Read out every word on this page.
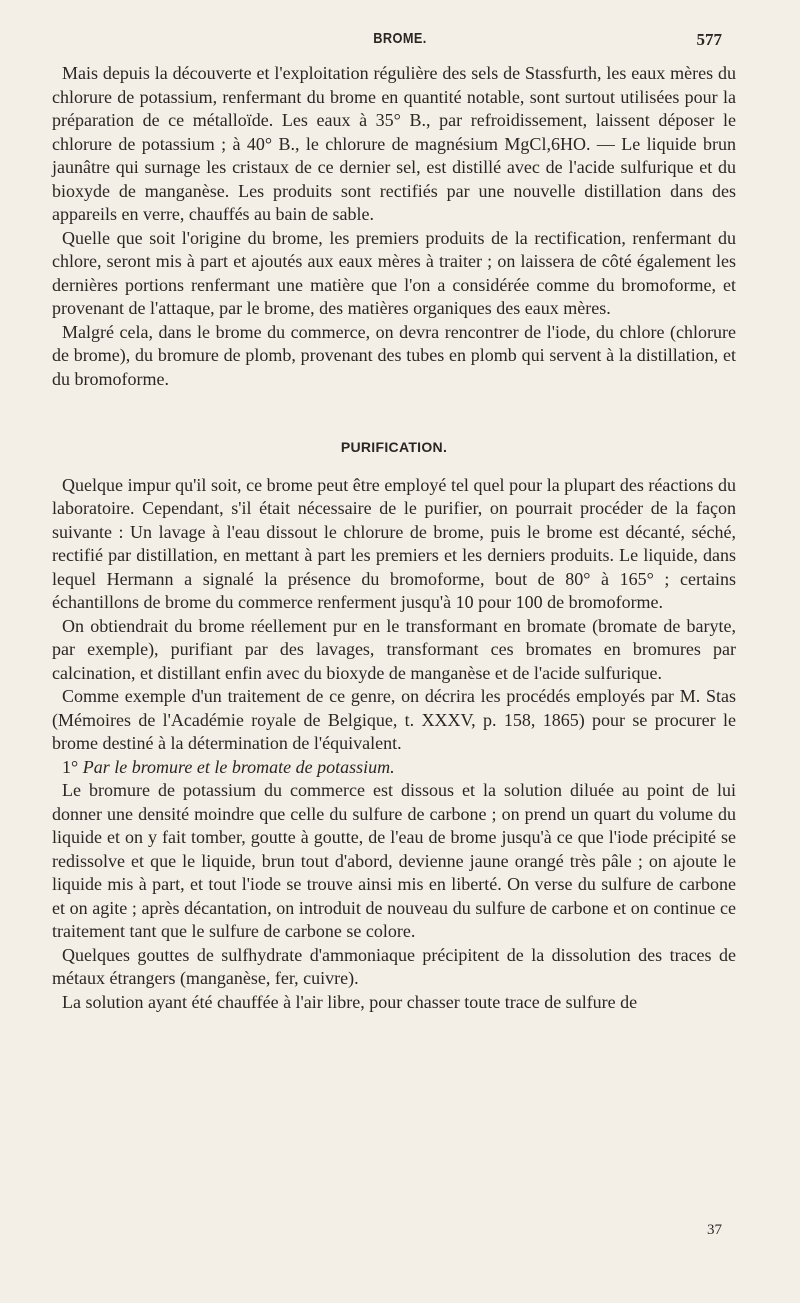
BROME.	577

Mais depuis la découverte et l'exploitation régulière des sels de Stassfurth, les eaux mères du chlorure de potassium, renfermant du brome en quantité notable, sont surtout utilisées pour la préparation de ce métalloïde. Les eaux à 35° B., par refroidissement, laissent déposer le chlorure de potassium ; à 40° B., le chlorure de magnésium MgCl,6HO. — Le liquide brun jaunâtre qui surnage les cristaux de ce dernier sel, est distillé avec de l'acide sulfurique et du bioxyde de manganèse. Les produits sont rectifiés par une nouvelle distillation dans des appareils en verre, chauffés au bain de sable.

Quelle que soit l'origine du brome, les premiers produits de la rectification, renfermant du chlore, seront mis à part et ajoutés aux eaux mères à traiter ; on laissera de côté également les dernières portions renfermant une matière que l'on a considérée comme du bromoforme, et provenant de l'attaque, par le brome, des matières organiques des eaux mères.

Malgré cela, dans le brome du commerce, on devra rencontrer de l'iode, du chlore (chlorure de brome), du bromure de plomb, provenant des tubes en plomb qui servent à la distillation, et du bromoforme.

PURIFICATION.

Quelque impur qu'il soit, ce brome peut être employé tel quel pour la plupart des réactions du laboratoire. Cependant, s'il était nécessaire de le purifier, on pourrait procéder de la façon suivante : Un lavage à l'eau dissout le chlorure de brome, puis le brome est décanté, séché, rectifié par distillation, en mettant à part les premiers et les derniers produits. Le liquide, dans lequel Hermann a signalé la présence du bromoforme, bout de 80° à 165° ; certains échantillons de brome du commerce renferment jusqu'à 10 pour 100 de bromoforme.

On obtiendrait du brome réellement pur en le transformant en bromate (bromate de baryte, par exemple), purifiant par des lavages, transformant ces bromates en bromures par calcination, et distillant enfin avec du bioxyde de manganèse et de l'acide sulfurique.

Comme exemple d'un traitement de ce genre, on décrira les procédés employés par M. Stas (Mémoires de l'Académie royale de Belgique, t. XXXV, p. 158, 1865) pour se procurer le brome destiné à la détermination de l'équivalent.

1° Par le bromure et le bromate de potassium.

Le bromure de potassium du commerce est dissous et la solution diluée au point de lui donner une densité moindre que celle du sulfure de carbone ; on prend un quart du volume du liquide et on y fait tomber, goutte à goutte, de l'eau de brome jusqu'à ce que l'iode précipité se redissolve et que le liquide, brun tout d'abord, devienne jaune orangé très pâle ; on ajoute le liquide mis à part, et tout l'iode se trouve ainsi mis en liberté. On verse du sulfure de carbone et on agite ; après décantation, on introduit de nouveau du sulfure de carbone et on continue ce traitement tant que le sulfure de carbone se colore.

Quelques gouttes de sulfhydrate d'ammoniaque précipitent de la dissolution des traces de métaux étrangers (manganèse, fer, cuivre).

La solution ayant été chauffée à l'air libre, pour chasser toute trace de sulfure de

37
